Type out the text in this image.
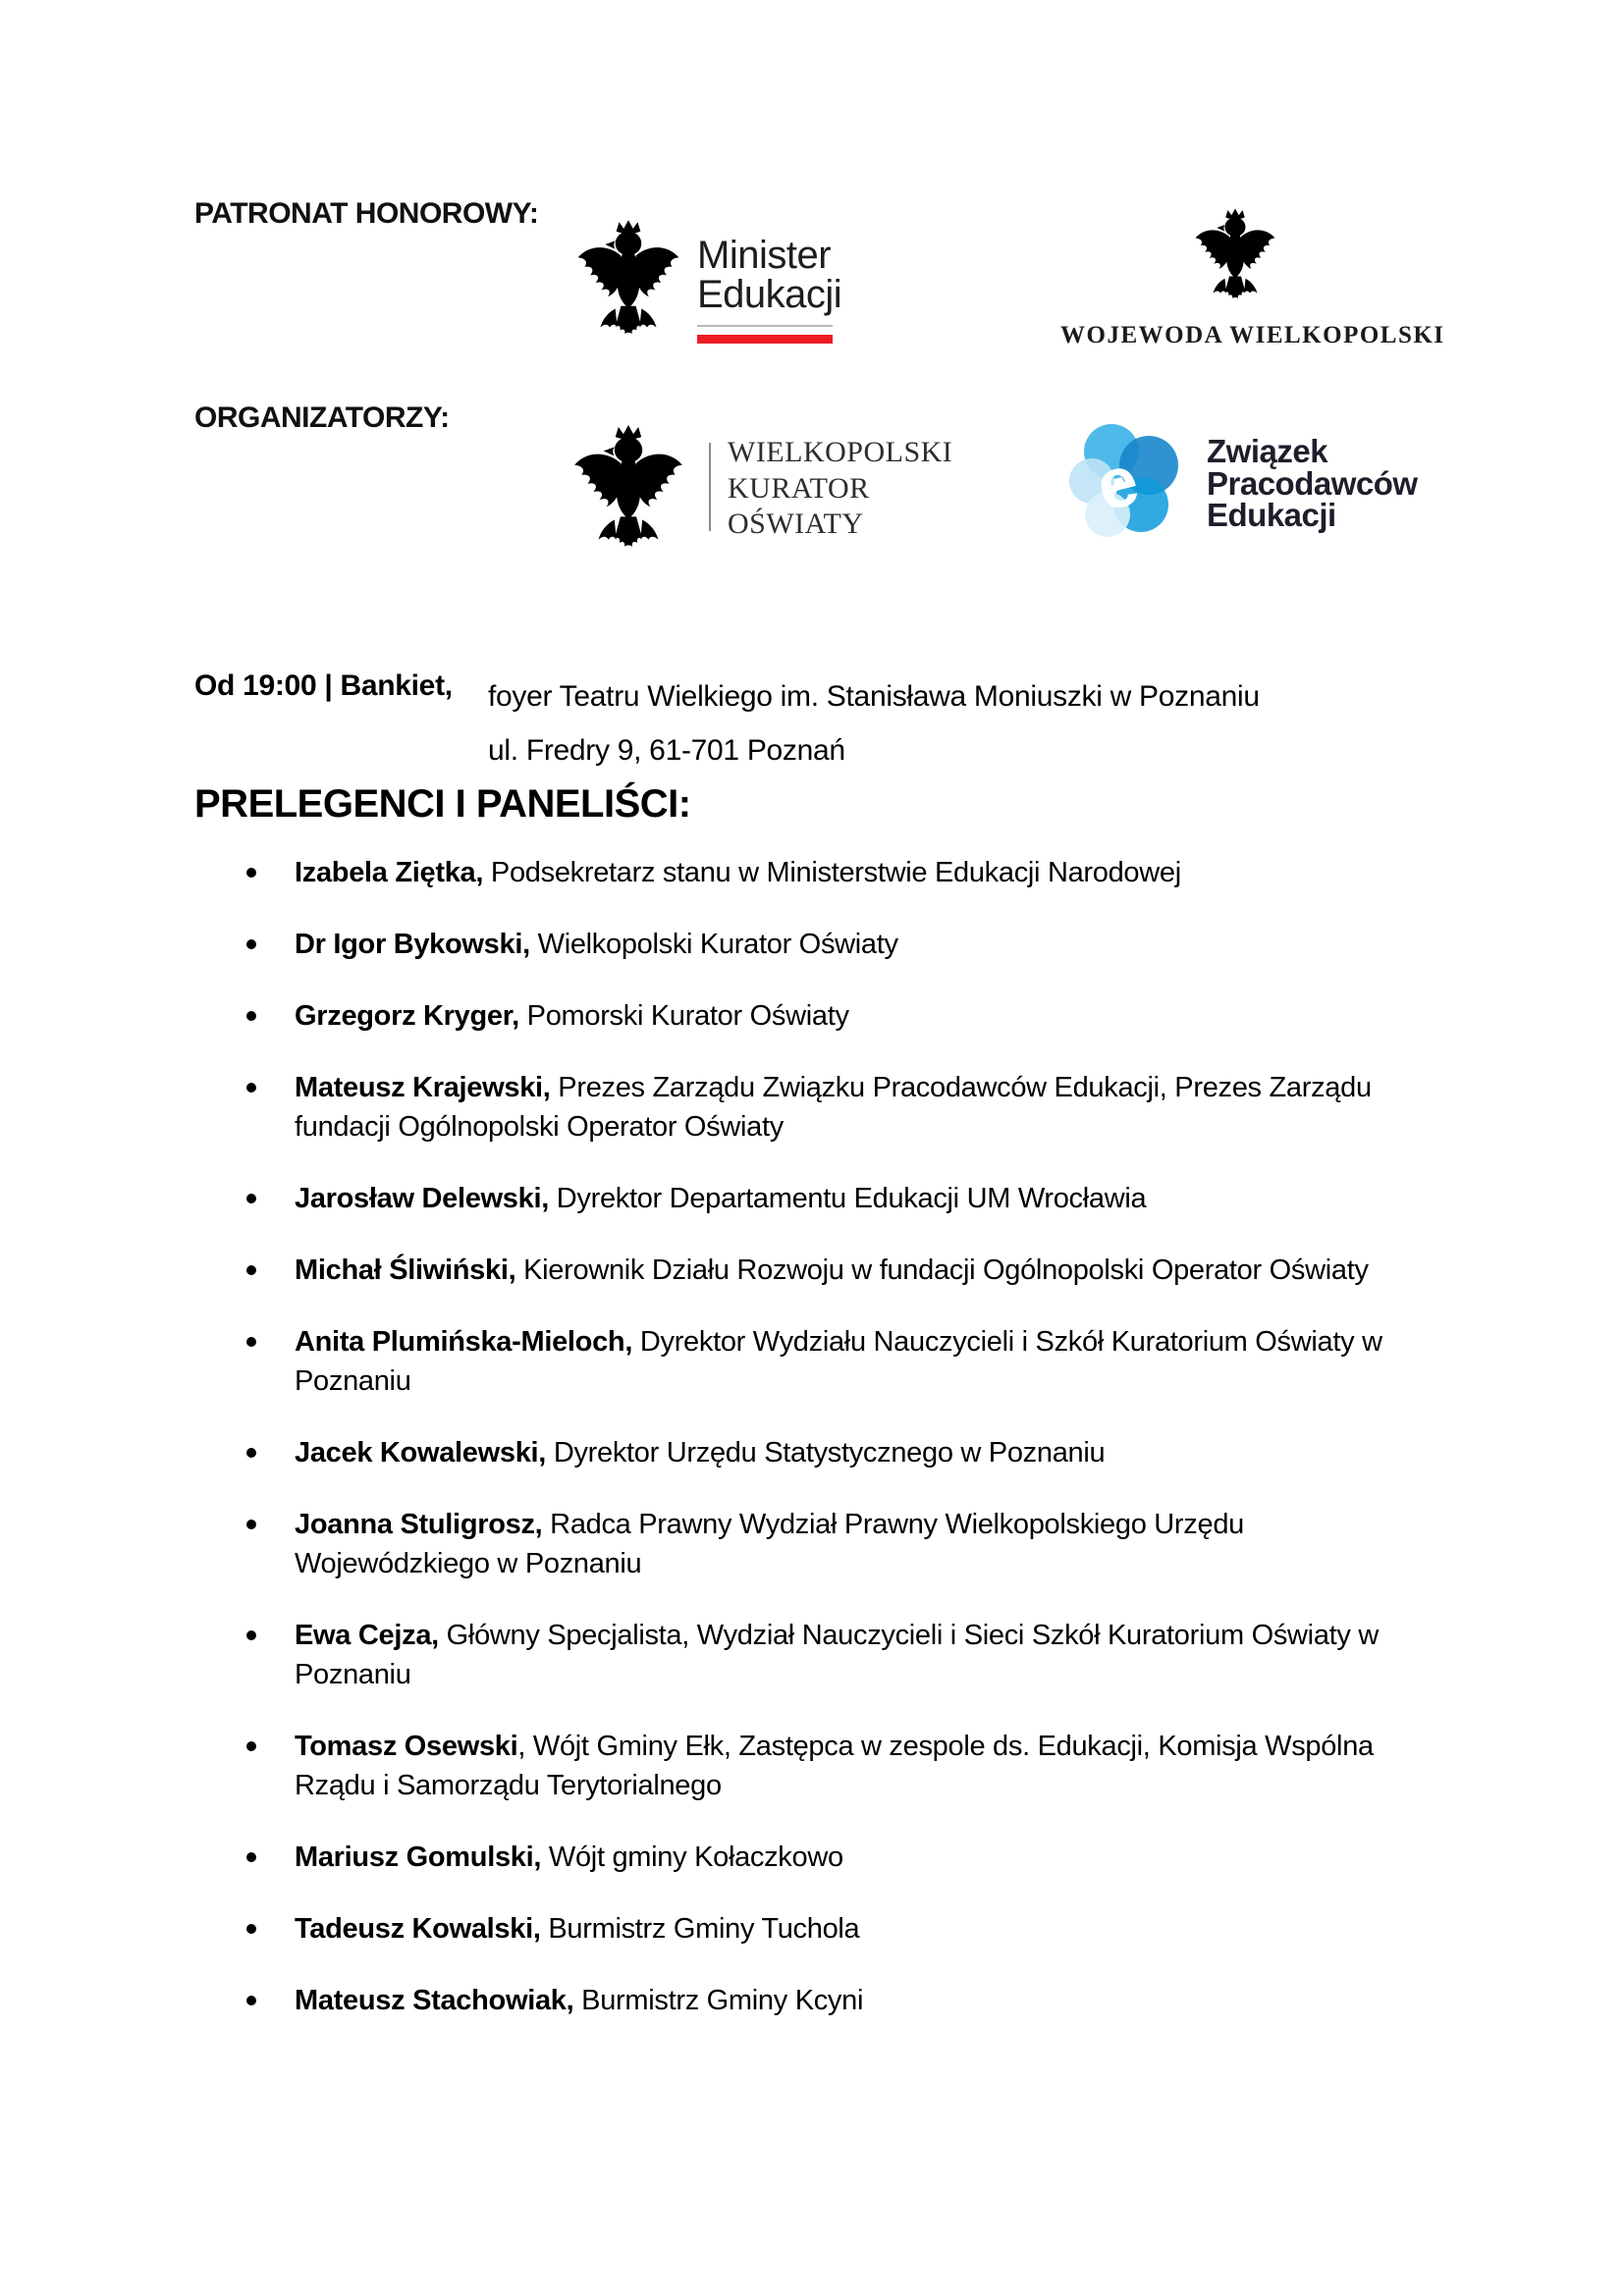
PATRONAT HONOROWY:
Minister
Edukacji
WOJEWODA WIELKOPOLSKI
ORGANIZATORZY:
WIELKOPOLSKI
KURATOR
OŚWIATY	e Związek
Pracodawców
Edukacji
Od 19:00 | Bankiet, foyer Teatru Wielkiego im. Stanisława Moniuszki w Poznaniu
ul. Fredry 9, 61-701 Poznań
PRELEGENCI I PANELIŚCI:
Izabela Ziętka, Podsekretarz stanu w Ministerstwie Edukacji Narodowej
Dr Igor Bykowski, Wielkopolski Kurator Oświaty
Grzegorz Kryger, Pomorski Kurator Oświaty
Mateusz Krajewski, Prezes Zarządu Związku Pracodawców Edukacji, Prezes Zarządu fundacji Ogólnopolski Operator Oświaty
Jarosław Delewski, Dyrektor Departamentu Edukacji UM Wrocławia
Michał Śliwiński, Kierownik Działu Rozwoju w fundacji Ogólnopolski Operator Oświaty
Anita Plumińska-Mieloch, Dyrektor Wydziału Nauczycieli i Szkół Kuratorium Oświaty w Poznaniu
Jacek Kowalewski, Dyrektor Urzędu Statystycznego w Poznaniu
Joanna Stuligrosz, Radca Prawny Wydział Prawny Wielkopolskiego Urzędu Wojewódzkiego w Poznaniu
Ewa Cejza, Główny Specjalista, Wydział Nauczycieli i Sieci Szkół Kuratorium Oświaty w Poznaniu
Tomasz Osewski, Wójt Gminy Ełk, Zastępca w zespole ds. Edukacji, Komisja Wspólna Rządu i Samorządu Terytorialnego
Mariusz Gomulski, Wójt gminy Kołaczkowo
Tadeusz Kowalski, Burmistrz Gminy Tuchola
Mateusz Stachowiak, Burmistrz Gminy Kcyni
